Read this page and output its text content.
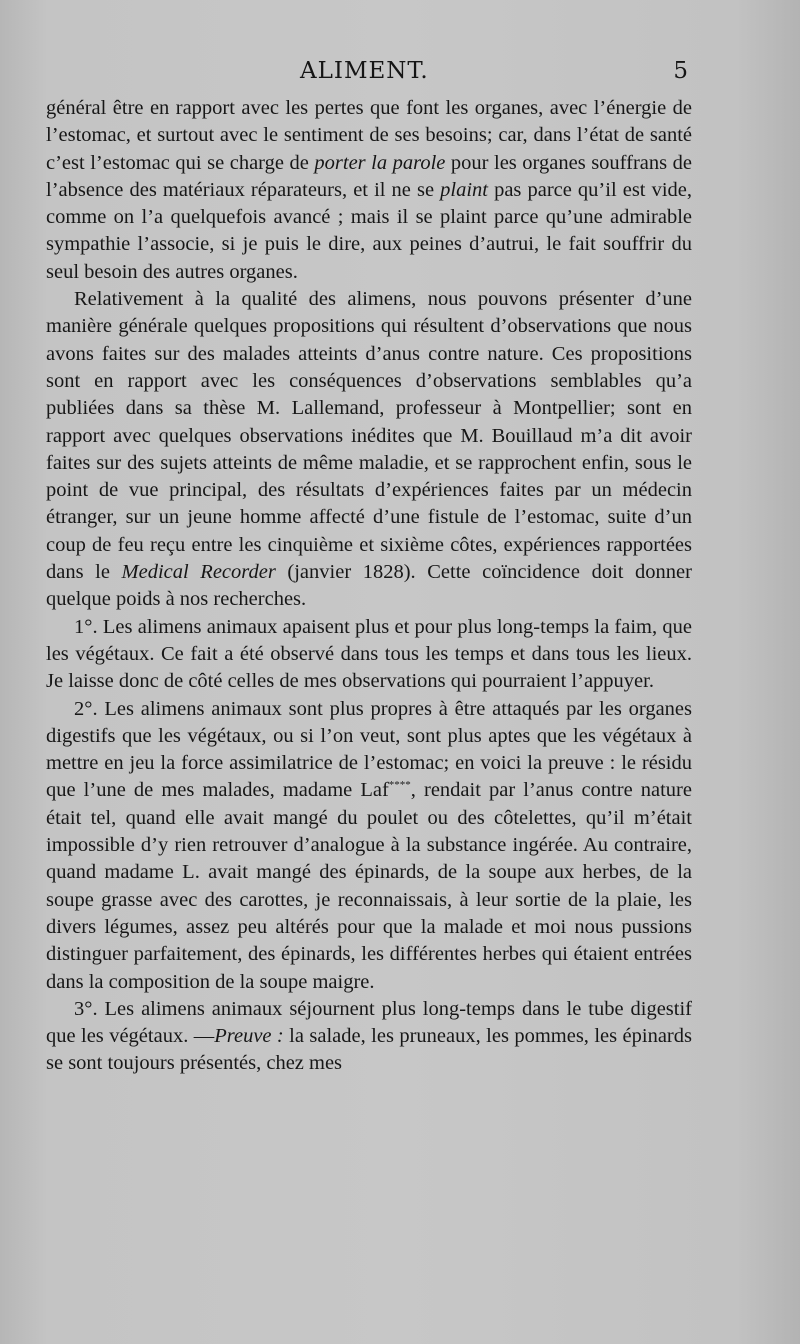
ALIMENT.	5

général être en rapport avec les pertes que font les organes, avec l’énergie de l’estomac, et surtout avec le sentiment de ses besoins; car, dans l’état de santé c’est l’estomac qui se charge de porter la parole pour les organes souffrans de l’absence des matériaux réparateurs, et il ne se plaint pas parce qu’il est vide, comme on l’a quelquefois avancé ; mais il se plaint parce qu’une admirable sympathie l’associe, si je puis le dire, aux peines d’autrui, le fait souffrir du seul besoin des autres organes.

Relativement à la qualité des alimens, nous pouvons présenter d’une manière générale quelques propositions qui résultent d’observations que nous avons faites sur des malades atteints d’anus contre nature. Ces propositions sont en rapport avec les conséquences d’observations semblables qu’a publiées dans sa thèse M. Lallemand, professeur à Montpellier; sont en rapport avec quelques observations inédites que M. Bouillaud m’a dit avoir faites sur des sujets atteints de même maladie, et se rapprochent enfin, sous le point de vue principal, des résultats d’expériences faites par un médecin étranger, sur un jeune homme affecté d’une fistule de l’estomac, suite d’un coup de feu reçu entre les cinquième et sixième côtes, expériences rapportées dans le Medical Recorder (janvier 1828). Cette coïncidence doit donner quelque poids à nos recherches.

1°. Les alimens animaux apaisent plus et pour plus long-temps la faim, que les végétaux. Ce fait a été observé dans tous les temps et dans tous les lieux. Je laisse donc de côté celles de mes observations qui pourraient l’appuyer.

2°. Les alimens animaux sont plus propres à être attaqués par les organes digestifs que les végétaux, ou si l’on veut, sont plus aptes que les végétaux à mettre en jeu la force assimilatrice de l’estomac; en voici la preuve : le résidu que l’une de mes malades, madame Laf****, rendait par l’anus contre nature était tel, quand elle avait mangé du poulet ou des côtelettes, qu’il m’était impossible d’y rien retrouver d’analogue à la substance ingérée. Au contraire, quand madame L. avait mangé des épinards, de la soupe aux herbes, de la soupe grasse avec des carottes, je reconnaissais, à leur sortie de la plaie, les divers légumes, assez peu altérés pour que la malade et moi nous pussions distinguer parfaitement, des épinards, les différentes herbes qui étaient entrées dans la composition de la soupe maigre.

3°. Les alimens animaux séjournent plus long-temps dans le tube digestif que les végétaux. —Preuve : la salade, les pruneaux, les pommes, les épinards se sont toujours présentés, chez mes
